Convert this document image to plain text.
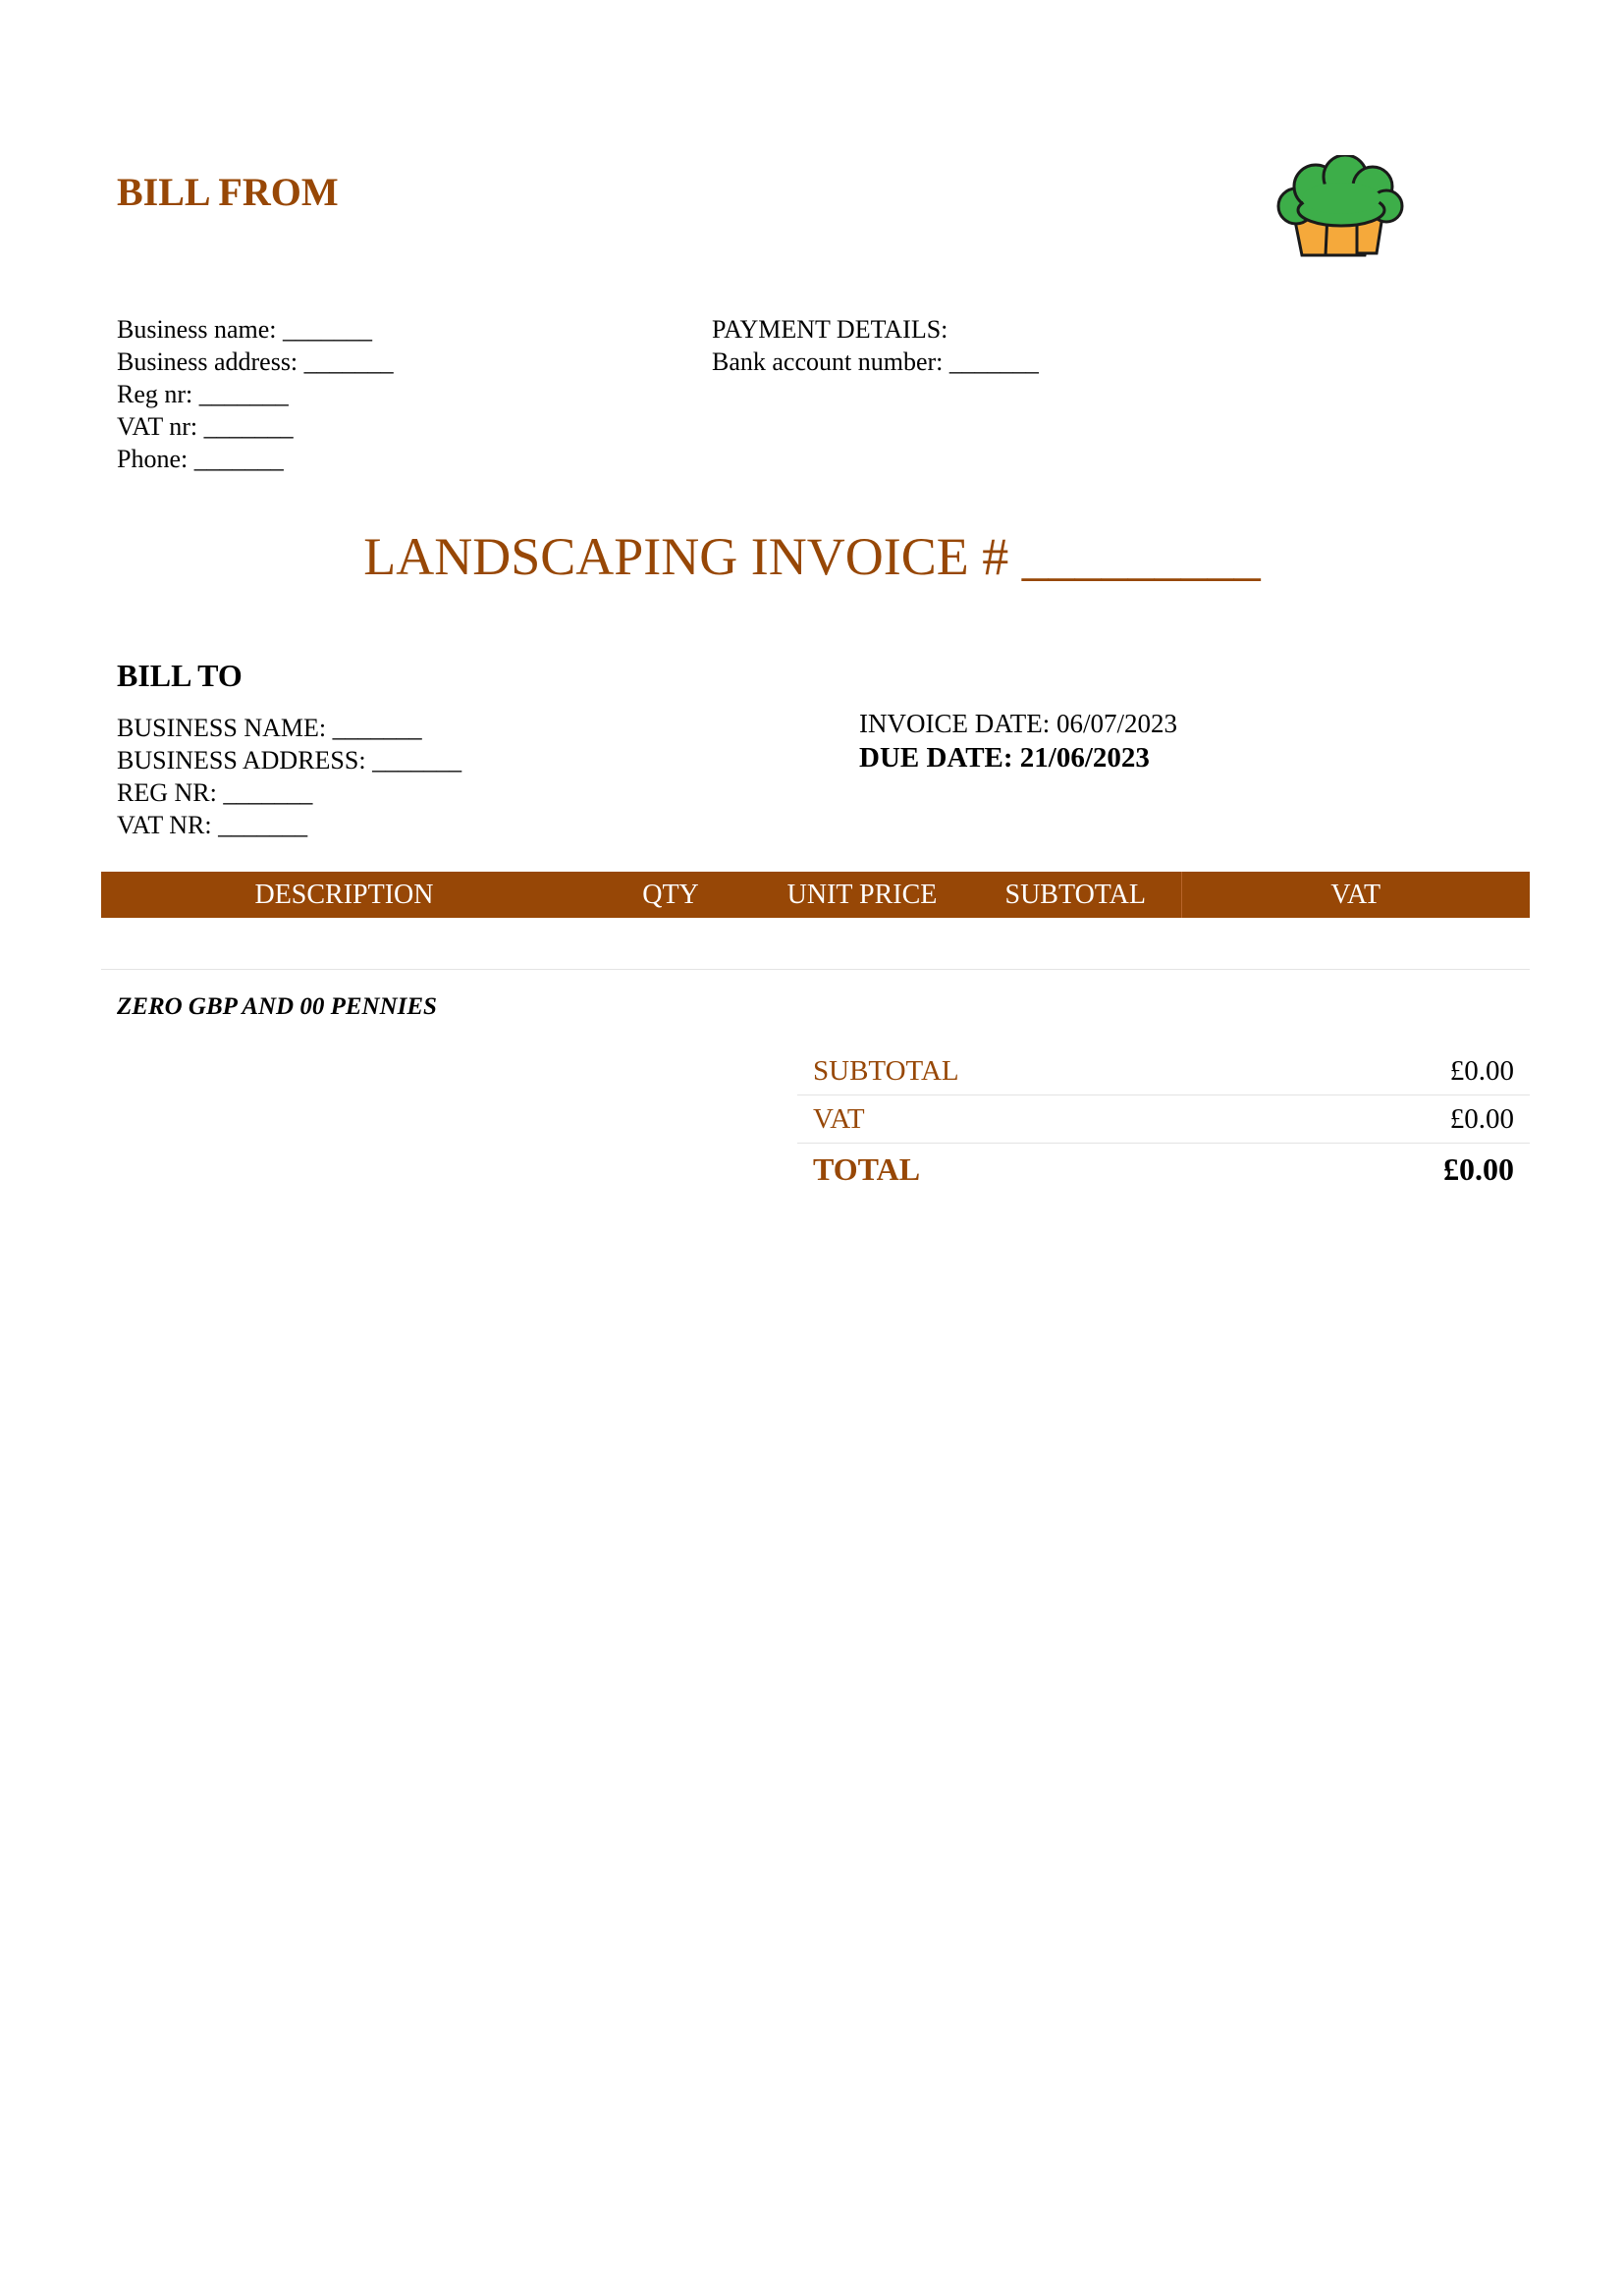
BILL FROM
Business name: _______
Business address: _______
Reg nr: _______
VAT nr: _______
Phone: _______
PAYMENT DETAILS:
Bank account number: _______
LANDSCAPING INVOICE # _________
BILL TO
BUSINESS NAME: _______
BUSINESS ADDRESS: _______
REG NR: _______
VAT NR: _______
INVOICE DATE: 06/07/2023
DUE DATE: 21/06/2023
DESCRIPTION	QTY	UNIT PRICE	SUBTOTAL	VAT

ZERO GBP AND 00 PENNIES
SUBTOTAL	£0.00
VAT	£0.00
TOTAL	£0.00
